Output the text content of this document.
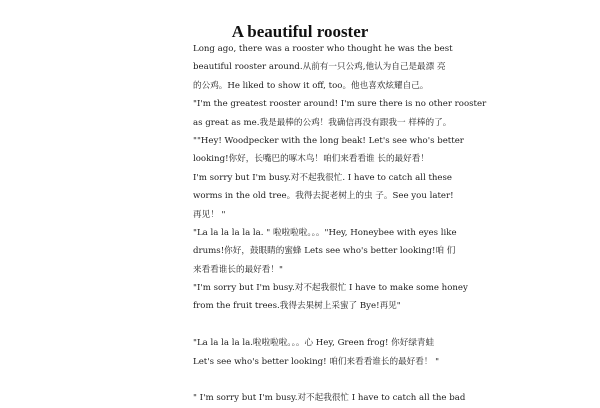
A beautiful rooster
Long ago, there was a rooster who thought he was the best
beautiful rooster around.从前有一只公鸡,他认为自己是最漂 亮
的公鸡。He liked to show it off, too。他也喜欢炫耀自己。
"I'm the greatest rooster around! I'm sure there is no other rooster
as great as me.我是最棒的公鸡！我确信再没有跟我一 样棒的了。
""Hey! Woodpecker with the long beak! Let's see who's better
looking!你好，长嘴巴的啄木鸟！咱们来看看谁 长的最好看！
I'm sorry but I'm busy.对不起我很忙. I have to catch all these
worms in the old tree。我得去捉老树上的虫 子。See you later!
再见！ "
"La la la la la la. " 啦啦啦啦。。。"Hey, Honeybee with eyes like
drums!你好，鼓眼睛的蜜蜂 Lets see who's better looking!咱 们
来看看谁长的最好看！"
"I'm sorry but I'm busy.对不起我很忙 I have to make some honey
from the fruit trees.我得去果树上采蜜了 Bye!再见"
"La la la la la.啦啦啦啦。。。心 Hey, Green frog! 你好绿青蛙
Let's see who's better looking! 咱们来看看谁长的最好看！ "
" I'm sorry but I'm busy.对不起我很忙 I have to catch all the bad
